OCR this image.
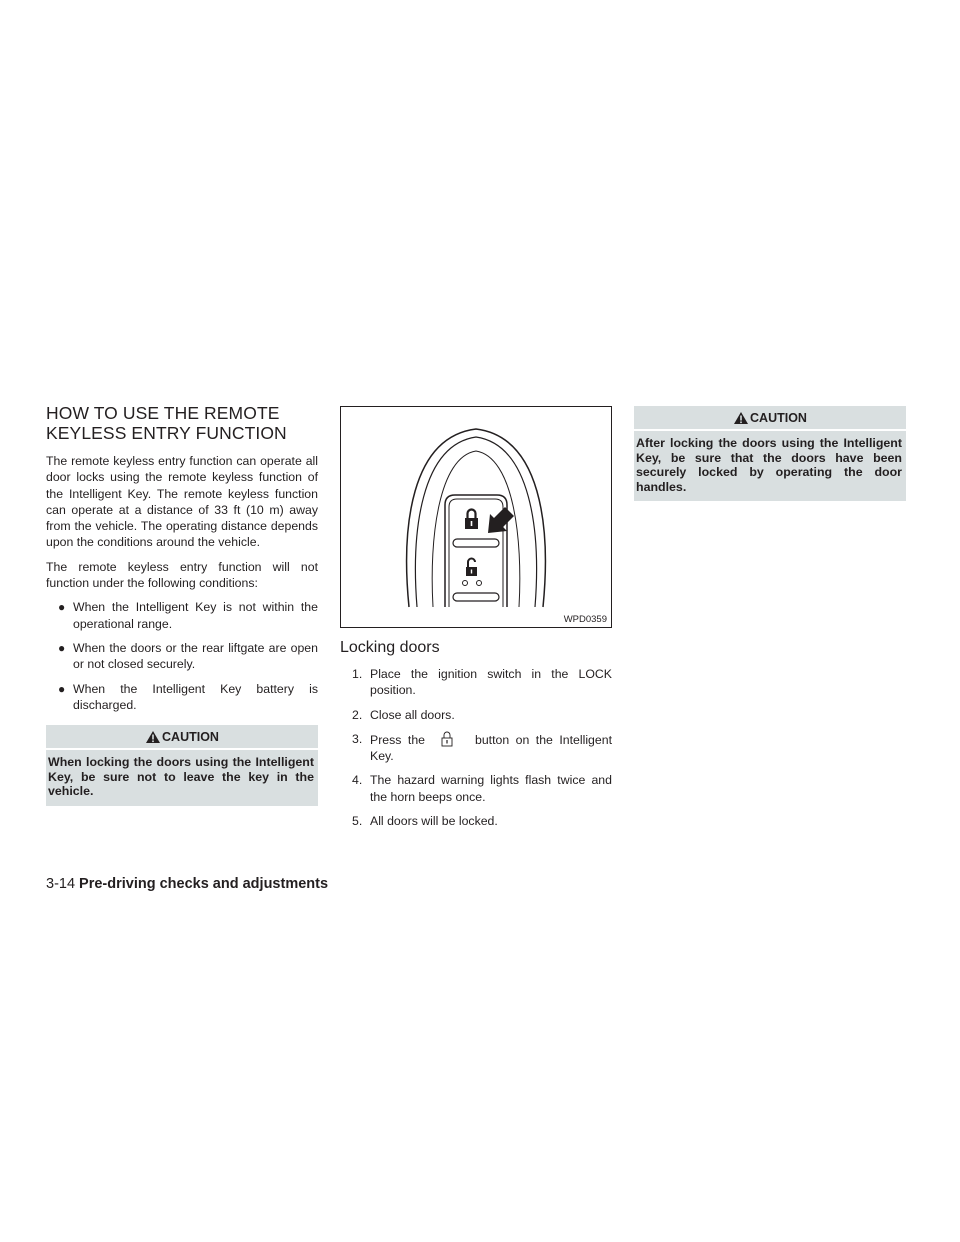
HOW TO USE THE REMOTE
KEYLESS ENTRY FUNCTION

The remote keyless entry function can operate all door locks using the remote keyless function of the Intelligent Key. The remote keyless function can operate at a distance of 33 ft (10 m) away from the vehicle. The operating distance depends upon the conditions around the vehicle.

The remote keyless entry function will not function under the following conditions:

● When the Intelligent Key is not within the operational range.
● When the doors or the rear liftgate are open or not closed securely.
● When the Intelligent Key battery is discharged.
CAUTION
When locking the doors using the Intelligent Key, be sure not to leave the key in the vehicle.
WPD0359
Locking doors
1. Place the ignition switch in the LOCK position.
2. Close all doors.
3. Press the	button on the Intelligent Key.
4. The hazard warning lights flash twice and the horn beeps once.
5. All doors will be locked.
CAUTION
After locking the doors using the Intelligent Key, be sure that the doors have been securely locked by operating the door handles.
3-14 Pre-driving checks and adjustments
